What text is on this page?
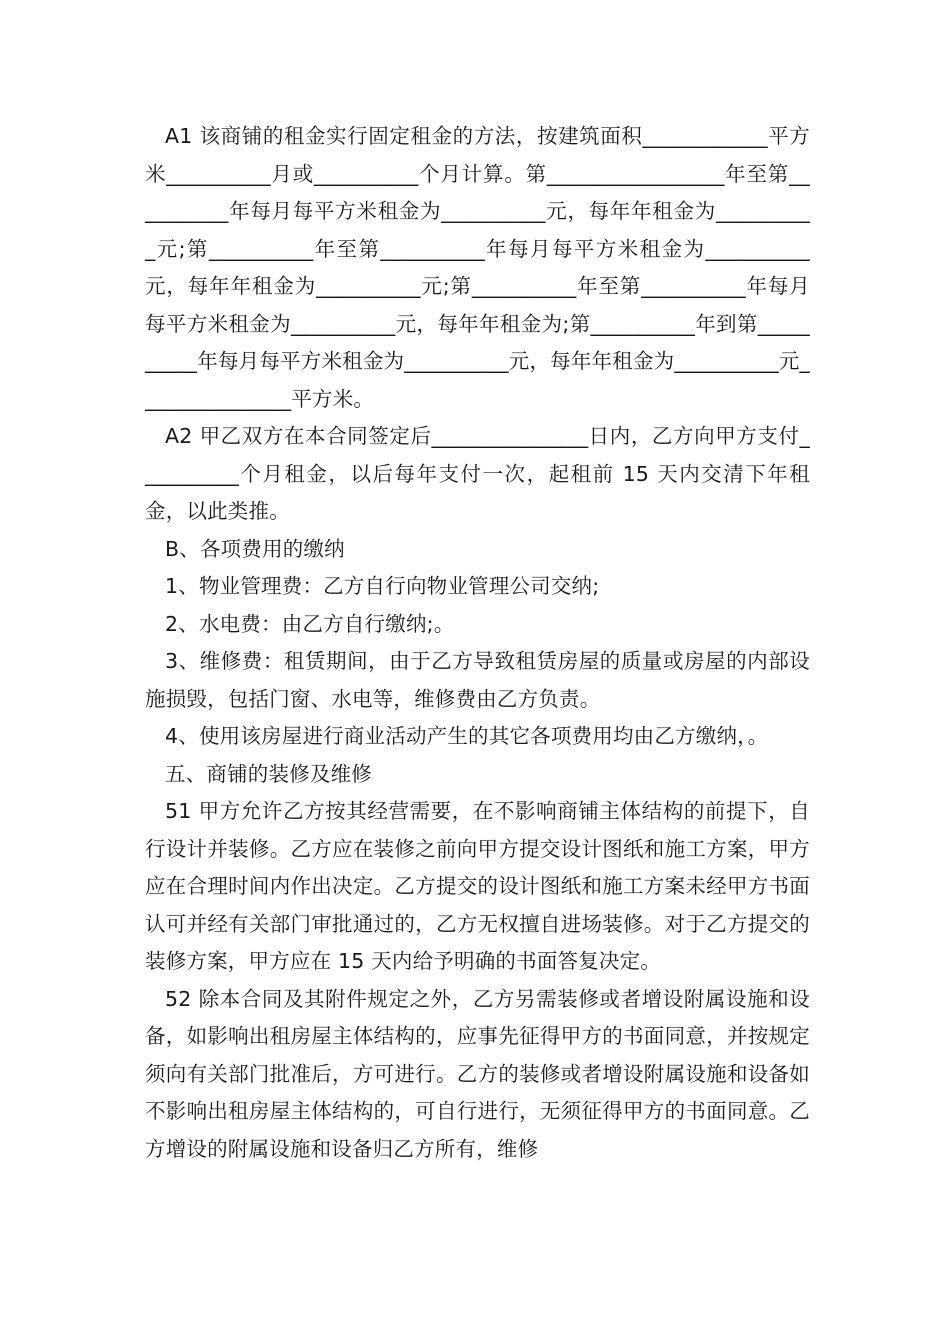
A1 该商铺的租金实行固定租金的方法，按建筑面积____________平方米__________月或__________个月计算。第_________________年至第__________年每月每平方米租金为__________元，每年年租金为__________元;第__________年至第__________年每月每平方米租金为__________元，每年年租金为__________元;第__________年至第__________年每月每平方米租金为__________元，每年年租金为;第__________年到第__________年每月每平方米租金为__________元，每年年租金为__________元_______________平方米。

A2 甲乙双方在本合同签定后_______________日内，乙方向甲方支付__________个月租金，以后每年支付一次，起租前 15 天内交清下年租金，以此类推。

B、各项费用的缴纳

1、物业管理费：乙方自行向物业管理公司交纳;

2、水电费：由乙方自行缴纳;。

3、维修费：租赁期间，由于乙方导致租赁房屋的质量或房屋的内部设施损毁，包括门窗、水电等，维修费由乙方负责。

4、使用该房屋进行商业活动产生的其它各项费用均由乙方缴纳，。

五、商铺的装修及维修

51 甲方允许乙方按其经营需要，在不影响商铺主体结构的前提下，自行设计并装修。乙方应在装修之前向甲方提交设计图纸和施工方案，甲方应在合理时间内作出决定。乙方提交的设计图纸和施工方案未经甲方书面认可并经有关部门审批通过的，乙方无权擅自进场装修。对于乙方提交的装修方案，甲方应在 15 天内给予明确的书面答复决定。

52 除本合同及其附件规定之外，乙方另需装修或者增设附属设施和设备，如影响出租房屋主体结构的，应事先征得甲方的书面同意，并按规定须向有关部门批准后，方可进行。乙方的装修或者增设附属设施和设备如不影响出租房屋主体结构的，可自行进行，无须征得甲方的书面同意。乙方增设的附属设施和设备归乙方所有，维修
